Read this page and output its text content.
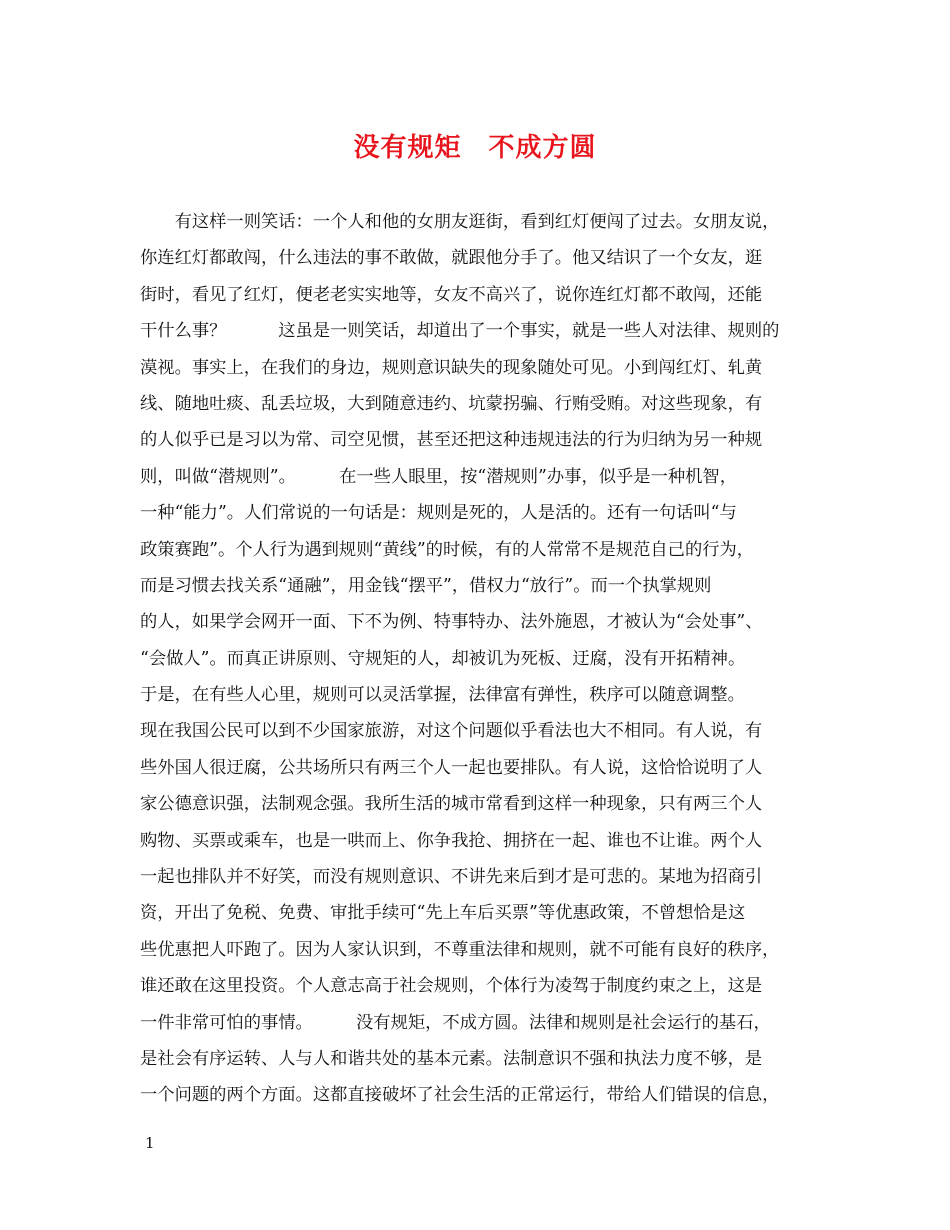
没有规矩　不成方圆
　　有这样一则笑话：一个人和他的女朋友逛街，看到红灯便闯了过去。女朋友说，
你连红灯都敢闯，什么违法的事不敢做，就跟他分手了。他又结识了一个女友，逛
街时，看见了红灯，便老老实实地等，女友不高兴了，说你连红灯都不敢闯，还能
干什么事？　　　这虽是一则笑话，却道出了一个事实，就是一些人对法律、规则的
漠视。事实上，在我们的身边，规则意识缺失的现象随处可见。小到闯红灯、轧黄
线、随地吐痰、乱丢垃圾，大到随意违约、坑蒙拐骗、行贿受贿。对这些现象，有
的人似乎已是习以为常、司空见惯，甚至还把这种违规违法的行为归纳为另一种规
则，叫做“潜规则”。　　　在一些人眼里，按“潜规则”办事，似乎是一种机智，
一种“能力”。人们常说的一句话是：规则是死的，人是活的。还有一句话叫“与
政策赛跑”。个人行为遇到规则“黄线”的时候，有的人常常不是规范自己的行为，
而是习惯去找关系“通融”，用金钱“摆平”，借权力“放行”。而一个执掌规则
的人，如果学会网开一面、下不为例、特事特办、法外施恩，才被认为“会处事”、
“会做人”。而真正讲原则、守规矩的人，却被讥为死板、迂腐，没有开拓精神。
于是，在有些人心里，规则可以灵活掌握，法律富有弹性，秩序可以随意调整。
现在我国公民可以到不少国家旅游，对这个问题似乎看法也大不相同。有人说，有
些外国人很迂腐，公共场所只有两三个人一起也要排队。有人说，这恰恰说明了人
家公德意识强，法制观念强。我所生活的城市常看到这样一种现象，只有两三个人
购物、买票或乘车，也是一哄而上、你争我抢、拥挤在一起、谁也不让谁。两个人
一起也排队并不好笑，而没有规则意识、不讲先来后到才是可悲的。某地为招商引
资，开出了免税、免费、审批手续可“先上车后买票”等优惠政策，不曾想恰是这
些优惠把人吓跑了。因为人家认识到，不尊重法律和规则，就不可能有良好的秩序，
谁还敢在这里投资。个人意志高于社会规则，个体行为凌驾于制度约束之上，这是
一件非常可怕的事情。　　　没有规矩，不成方圆。法律和规则是社会运行的基石，
是社会有序运转、人与人和谐共处的基本元素。法制意识不强和执法力度不够，是
一个问题的两个方面。这都直接破坏了社会生活的正常运行，带给人们错误的信息，
1
